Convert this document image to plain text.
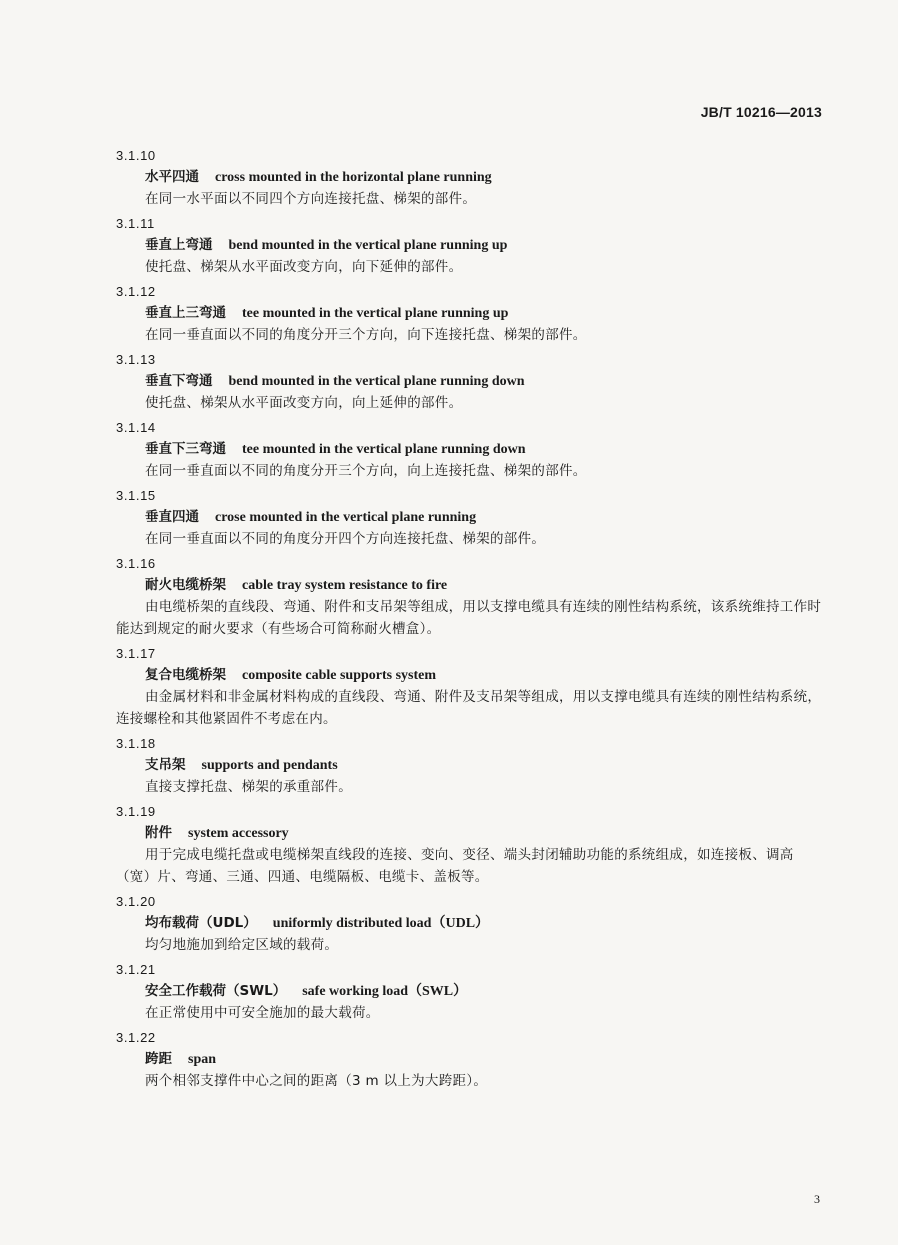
JB/T 10216—2013
3.1.10
水平四通 cross mounted in the horizontal plane running
在同一水平面以不同四个方向连接托盘、梯架的部件。
3.1.11
垂直上弯通 bend mounted in the vertical plane running up
使托盘、梯架从水平面改变方向，向下延伸的部件。
3.1.12
垂直上三弯通 tee mounted in the vertical plane running up
在同一垂直面以不同的角度分开三个方向，向下连接托盘、梯架的部件。
3.1.13
垂直下弯通 bend mounted in the vertical plane running down
使托盘、梯架从水平面改变方向，向上延伸的部件。
3.1.14
垂直下三弯通 tee mounted in the vertical plane running down
在同一垂直面以不同的角度分开三个方向，向上连接托盘、梯架的部件。
3.1.15
垂直四通 crose mounted in the vertical plane running
在同一垂直面以不同的角度分开四个方向连接托盘、梯架的部件。
3.1.16
耐火电缆桥架 cable tray system resistance to fire
由电缆桥架的直线段、弯通、附件和支吊架等组成，用以支撑电缆具有连续的刚性结构系统，该系统维持工作时能达到规定的耐火要求（有些场合可简称耐火槽盒）。
3.1.17
复合电缆桥架 composite cable supports system
由金属材料和非金属材料构成的直线段、弯通、附件及支吊架等组成，用以支撑电缆具有连续的刚性结构系统，连接螺栓和其他紧固件不考虑在内。
3.1.18
支吊架 supports and pendants
直接支撑托盘、梯架的承重部件。
3.1.19
附件 system accessory
用于完成电缆托盘或电缆梯架直线段的连接、变向、变径、端头封闭辅助功能的系统组成，如连接板、调高（宽）片、弯通、三通、四通、电缆隔板、电缆卡、盖板等。
3.1.20
均布载荷（UDL） uniformly distributed load（UDL）
均匀地施加到给定区域的载荷。
3.1.21
安全工作载荷（SWL） safe working load（SWL）
在正常使用中可安全施加的最大载荷。
3.1.22
跨距 span
两个相邻支撑件中心之间的距离（3 m 以上为大跨距）。
3
